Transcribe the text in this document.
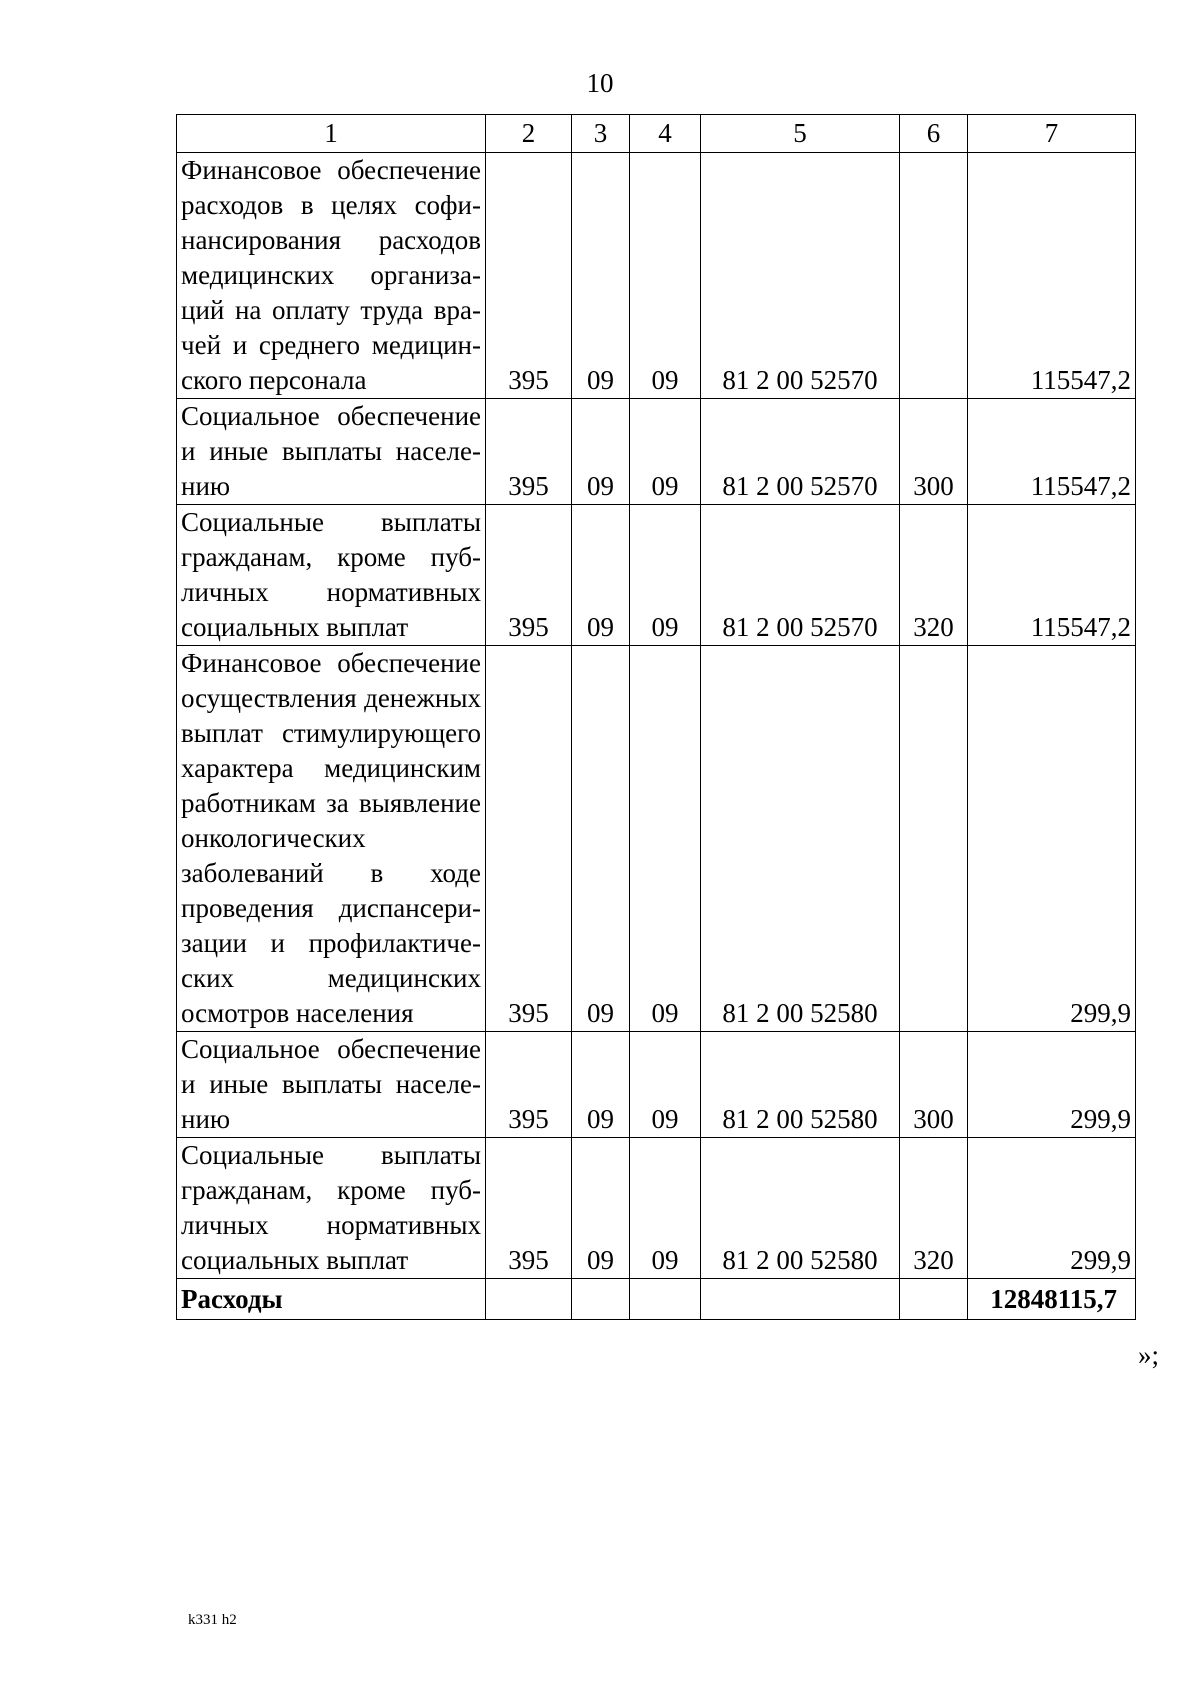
10
1	2	3	4	5	6	7
Финансовое обеспечение расходов в целях софинансирования расходов медицинских организаций на оплату труда врачей и среднего медицинского персонала	395	09	09	81 2 00 52570		115547,2
Социальное обеспечение и иные выплаты населению	395	09	09	81 2 00 52570	300	115547,2
Социальные выплаты гражданам, кроме публичных нормативных социальных выплат	395	09	09	81 2 00 52570	320	115547,2
Финансовое обеспечение осуществления денежных выплат стимулирующего характера медицинским работникам за выявление онкологических заболеваний в ходе проведения диспансеризации и профилактических медицинских осмотров населения	395	09	09	81 2 00 52580		299,9
Социальное обеспечение и иные выплаты населению	395	09	09	81 2 00 52580	300	299,9
Социальные выплаты гражданам, кроме публичных нормативных социальных выплат	395	09	09	81 2 00 52580	320	299,9
Расходы						12848115,7
»;
k331 h2
